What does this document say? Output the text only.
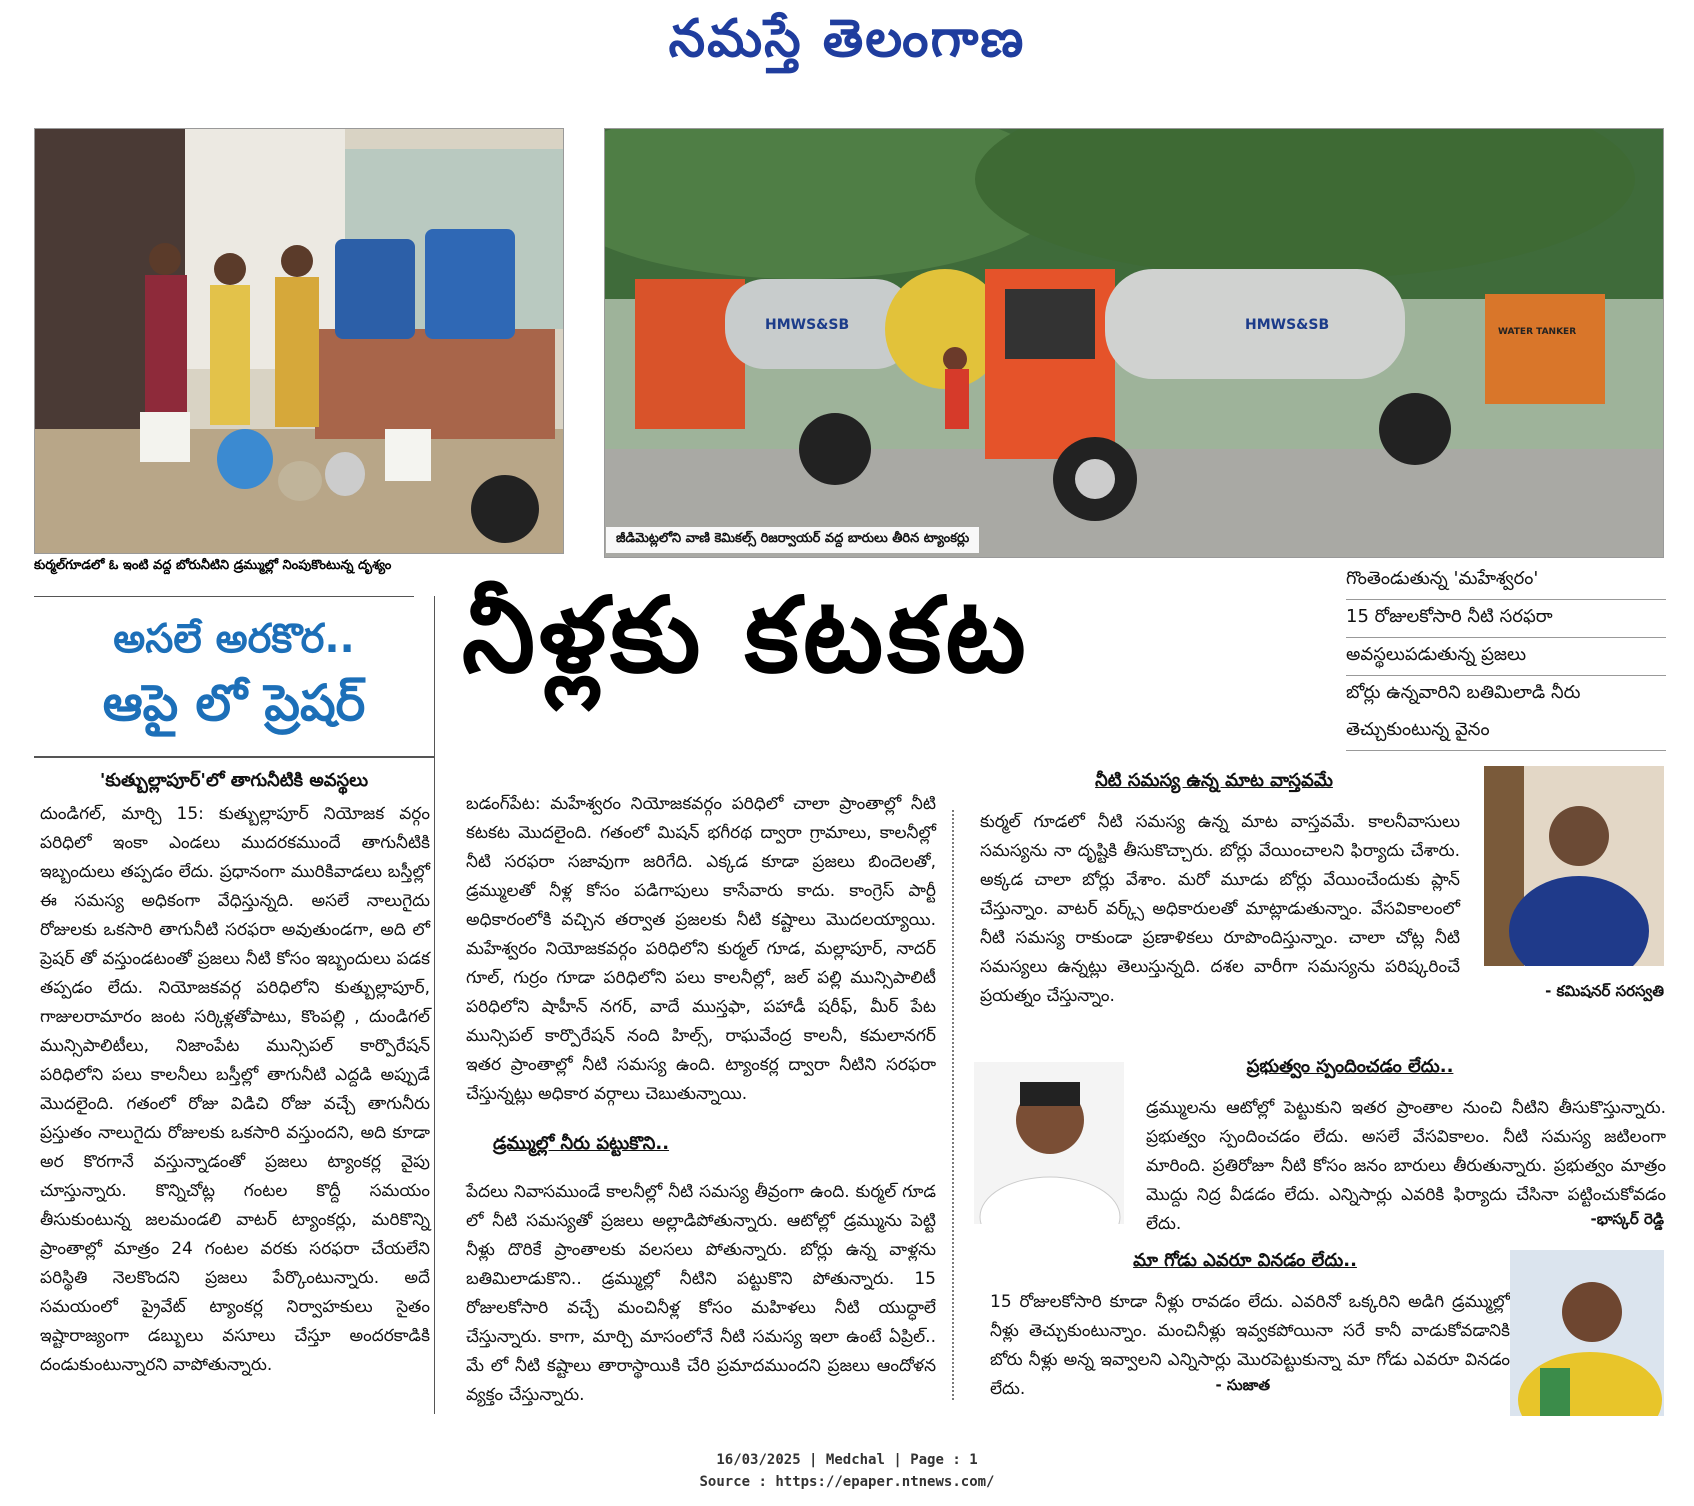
నమస్తే తెలంగాణ
కుర్మల్‌గూడలో ఓ ఇంటి వద్ద బోరునీటిని డ్రమ్ముల్లో నింపుకొంటున్న దృశ్యం
HMWS&SB	HMWS&SB	WATER TANKER
జీడిమెట్లలోని వాణి కెమికల్స్ రిజర్వాయర్ వద్ద బారులు తీరిన ట్యాంకర్లు
నీళ్లకు కటకట	గొంతెండుతున్న 'మహేశ్వరం'
15 రోజులకోసారి నీటి సరఫరా
అవస్థలుపడుతున్న ప్రజలు
బోర్లు ఉన్నవారిని బతిమిలాడి నీరు
తెచ్చుకుంటున్న వైనం
అసలే అరకొర..
ఆపై లో ప్రెషర్
'కుత్బుల్లాపూర్'లో తాగునీటికి అవస్థలు
దుండిగల్, మార్చి 15: కుత్బుల్లాపూర్ నియోజక వర్గం పరిధిలో ఇంకా ఎండలు ముదరకముందే తాగునీటికి ఇబ్బందులు తప్పడం లేదు. ప్రధానంగా మురికివాడలు బస్తీల్లో ఈ సమస్య అధికంగా వేధిస్తున్నది. అసలే నాలుగైదు రోజులకు ఒకసారి తాగునీటి సరఫరా అవుతుండగా, అది లో ప్రెషర్ తో వస్తుండటంతో ప్రజలు నీటి కోసం ఇబ్బందులు పడక తప్పడం లేదు. నియోజకవర్గ పరిధిలోని కుత్బుల్లాపూర్, గాజులరామారం జంట సర్కిళ్లతోపాటు, కొంపల్లి , దుండిగల్ మున్సిపాలిటీలు, నిజాంపేట మున్సిపల్ కార్పొరేషన్ పరిధిలోని పలు కాలనీలు బస్తీల్లో తాగునీటి ఎద్దడి అప్పుడే మొదలైంది. గతంలో రోజు విడిచి రోజు వచ్చే తాగునీరు ప్రస్తుతం నాలుగైదు రోజులకు ఒకసారి వస్తుందని, అది కూడా అర కొరగానే వస్తున్నాడంతో ప్రజలు ట్యాంకర్ల వైపు చూస్తున్నారు. కొన్నిచోట్ల గంటల కొద్దీ సమయం తీసుకుంటున్న జలమండలి వాటర్ ట్యాంకర్లు, మరికొన్ని ప్రాంతాల్లో మాత్రం 24 గంటల వరకు సరఫరా చేయలేని పరిస్థితి నెలకొందని ప్రజలు పేర్కొంటున్నారు. అదే సమయంలో ప్రైవేట్ ట్యాంకర్ల నిర్వాహకులు సైతం ఇష్టారాజ్యంగా డబ్బులు వసూలు చేస్తూ అందరకాడికి దండుకుంటున్నారని వాపోతున్నారు.
బడంగ్‌పేట: మహేశ్వరం నియోజకవర్గం పరిధిలో చాలా ప్రాంతాల్లో నీటి కటకట మొదలైంది. గతంలో మిషన్ భగీరథ ద్వారా గ్రామాలు, కాలనీల్లో నీటి సరఫరా సజావుగా జరిగేది. ఎక్కడ కూడా ప్రజలు బిందెలతో, డ్రమ్ములతో నీళ్ల కోసం పడిగాపులు కాసేవారు కాదు. కాంగ్రెస్ పార్టీ అధికారంలోకి వచ్చిన తర్వాత ప్రజలకు నీటి కష్టాలు మొదలయ్యాయి. మహేశ్వరం నియోజకవర్గం పరిధిలోని కుర్మల్ గూడ, మల్లాపూర్, నాదర్ గూల్, గుర్రం గూడా పరిధిలోని పలు కాలనీల్లో, జల్ పల్లి మున్సిపాలిటీ పరిధిలోని షాహీన్ నగర్, వాదే ముస్తఫా, పహాడీ షరీఫ్, మీర్ పేట మున్సిపల్ కార్పొరేషన్ నంది హిల్స్, రాఘవేంద్ర కాలనీ, కమలానగర్ ఇతర ప్రాంతాల్లో నీటి సమస్య ఉంది. ట్యాంకర్ల ద్వారా నీటిని సరఫరా చేస్తున్నట్లు అధికార వర్గాలు చెబుతున్నాయి.
డ్రమ్ముల్లో నీరు పట్టుకొని..
పేదలు నివాసముండే కాలనీల్లో నీటి సమస్య తీవ్రంగా ఉంది. కుర్మల్ గూడ లో నీటి సమస్యతో ప్రజలు అల్లాడిపోతున్నారు. ఆటోల్లో డ్రమ్మును పెట్టి నీళ్లు దొరికే ప్రాంతాలకు వలసలు పోతున్నారు. బోర్లు ఉన్న వాళ్లను బతిమిలాడుకొని.. డ్రమ్ముల్లో నీటిని పట్టుకొని పోతున్నారు. 15 రోజులకోసారి వచ్చే మంచినీళ్ల కోసం మహిళలు నీటి యుద్ధాలే చేస్తున్నారు. కాగా, మార్చి మాసంలోనే నీటి సమస్య ఇలా ఉంటే ఏప్రిల్.. మే లో నీటి కష్టాలు తారాస్థాయికి చేరి ప్రమాదముందని ప్రజలు ఆందోళన వ్యక్తం చేస్తున్నారు.
నీటి సమస్య ఉన్న మాట వాస్తవమే
కుర్మల్ గూడలో నీటి సమస్య ఉన్న మాట వాస్తవమే. కాలనీవాసులు సమస్యను నా దృష్టికి తీసుకొచ్చారు. బోర్లు వేయించాలని ఫిర్యాదు చేశారు. అక్కడ చాలా బోర్లు వేశాం. మరో మూడు బోర్లు వేయించేందుకు ప్లాన్ చేస్తున్నాం. వాటర్ వర్క్స్ అధికారులతో మాట్లాడుతున్నాం. వేసవికాలంలో నీటి సమస్య రాకుండా ప్రణాళికలు రూపొందిస్తున్నాం. చాలా చోట్ల నీటి సమస్యలు ఉన్నట్లు తెలుస్తున్నది. దశల వారీగా సమస్యను పరిష్కరించే ప్రయత్నం చేస్తున్నాం.	- కమిషనర్ సరస్వతి
ప్రభుత్వం స్పందించడం లేదు..
డ్రమ్ములను ఆటోల్లో పెట్టుకుని ఇతర ప్రాంతాల నుంచి నీటిని తీసుకొస్తున్నారు. ప్రభుత్వం స్పందించడం లేదు. అసలే వేసవికాలం. నీటి సమస్య జటిలంగా మారింది. ప్రతిరోజూ నీటి కోసం జనం బారులు తీరుతున్నారు. ప్రభుత్వం మాత్రం మొద్దు నిద్ర వీడడం లేదు. ఎన్నిసార్లు ఎవరికి ఫిర్యాదు చేసినా పట్టించుకోవడం లేదు.	-భాస్కర్ రెడ్డి
మా గోడు ఎవరూ వినడం లేదు..
15 రోజులకోసారి కూడా నీళ్లు రావడం లేదు. ఎవరినో ఒక్కరిని అడిగి డ్రమ్ముల్లో నీళ్లు తెచ్చుకుంటున్నాం. మంచినీళ్లు ఇవ్వకపోయినా సరే కానీ వాడుకోవడానికి బోరు నీళ్లు అన్న ఇవ్వాలని ఎన్నిసార్లు మొరపెట్టుకున్నా మా గోడు ఎవరూ వినడం లేదు.	- సుజాత
16/03/2025 | Medchal | Page : 1
Source : https://epaper.ntnews.com/
